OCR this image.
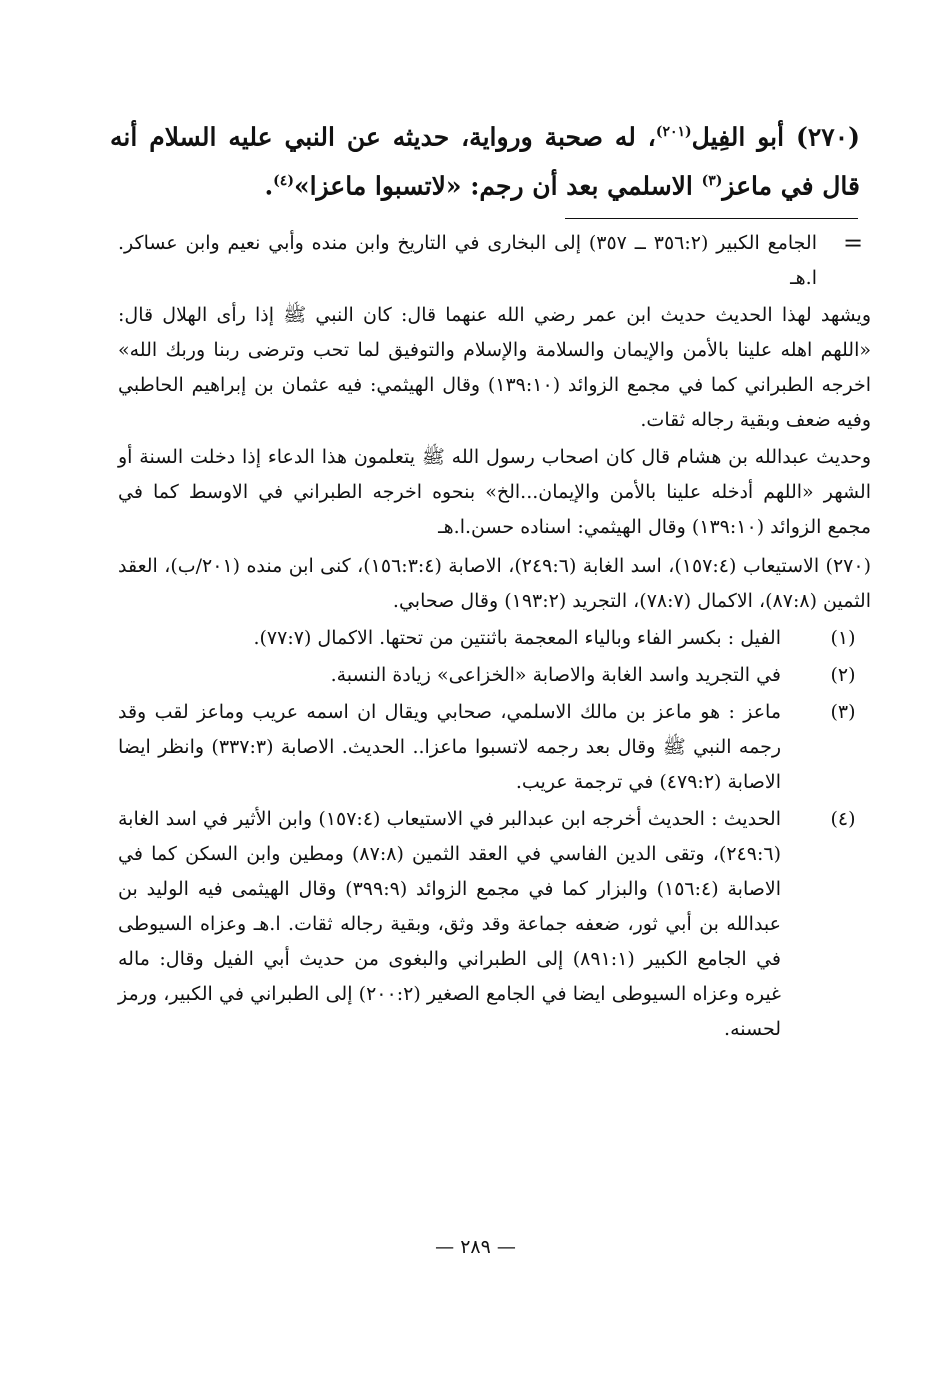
(٢٧٠) أبو الفِيل$^{(٢٠١)}$، له صحبة ورواية، حديثه عن النبي عليه السلام أنه قال في ماعز$^{(٣)}$ الاسلمي بعد أن رجم: «لاتسبوا ماعزا»$^{(٤)}$.

=
الجامع الكبير (٣٥٦:٢ ــ ٣٥٧) إلى البخارى في التاريخ وابن منده وأبي نعيم وابن عساكر. ا.هـ
ويشهد لهذا الحديث حديث ابن عمر رضي الله عنهما قال: كان النبي ﷺ إذا رأى الهلال قال: «اللهم اهله علينا بالأمن والإيمان والسلامة والإسلام والتوفيق لما تحب وترضى ربنا وربك الله» اخرجه الطبراني كما في مجمع الزوائد (١٣٩:١٠) وقال الهيثمي: فيه عثمان بن إبراهيم الحاطبي وفيه ضعف وبقية رجاله ثقات.
وحديث عبدالله بن هشام قال كان اصحاب رسول الله ﷺ يتعلمون هذا الدعاء إذا دخلت السنة أو الشهر «اللهم أدخله علينا بالأمن والإيمان...الخ» بنحوه اخرجه الطبراني في الاوسط كما في مجمع الزوائد (١٣٩:١٠) وقال الهيثمي: اسناده حسن.ا.هـ
(٢٧٠) الاستيعاب (١٥٧:٤)، اسد الغابة (٢٤٩:٦)، الاصابة (١٥٦:٣:٤)، كنى ابن منده (٢٠١/ب)، العقد الثمين (٨٧:٨)، الاكمال (٧٨:٧)، التجريد (١٩٣:٢) وقال صحابي.
(١)
الفيل : بكسر الفاء وبالياء المعجمة باثنتين من تحتها. الاكمال (٧٧:٧).
(٢)
في التجريد واسد الغابة والاصابة «الخزاعى» زيادة النسبة.
(٣)
ماعز : هو ماعز بن مالك الاسلمي، صحابي ويقال ان اسمه عريب وماعز لقب وقد رجمه النبي ﷺ وقال بعد رجمه لاتسبوا ماعزا.. الحديث. الاصابة (٣٣٧:٣) وانظر ايضا الاصابة (٤٧٩:٢) في ترجمة عريب.
(٤)
الحديث : الحديث أخرجه ابن عبدالبر في الاستيعاب (١٥٧:٤) وابن الأثير في اسد الغابة (٢٤٩:٦)، وتقى الدين الفاسي في العقد الثمين (٨٧:٨) ومطين وابن السكن كما في الاصابة (١٥٦:٤) والبزار كما في مجمع الزوائد (٣٩٩:٩) وقال الهيثمى فيه الوليد بن عبدالله بن أبي ثور، ضعفه جماعة وقد وثق، وبقية رجاله ثقات. ا.هـ وعزاه السيوطى في الجامع الكبير (٨٩١:١) إلى الطبراني والبغوى من حديث أبي الفيل وقال: ماله غيره وعزاه السيوطى ايضا في الجامع الصغير (٢٠٠:٢) إلى الطبراني في الكبير، ورمز لحسنه.
— ٢٨٩ —
